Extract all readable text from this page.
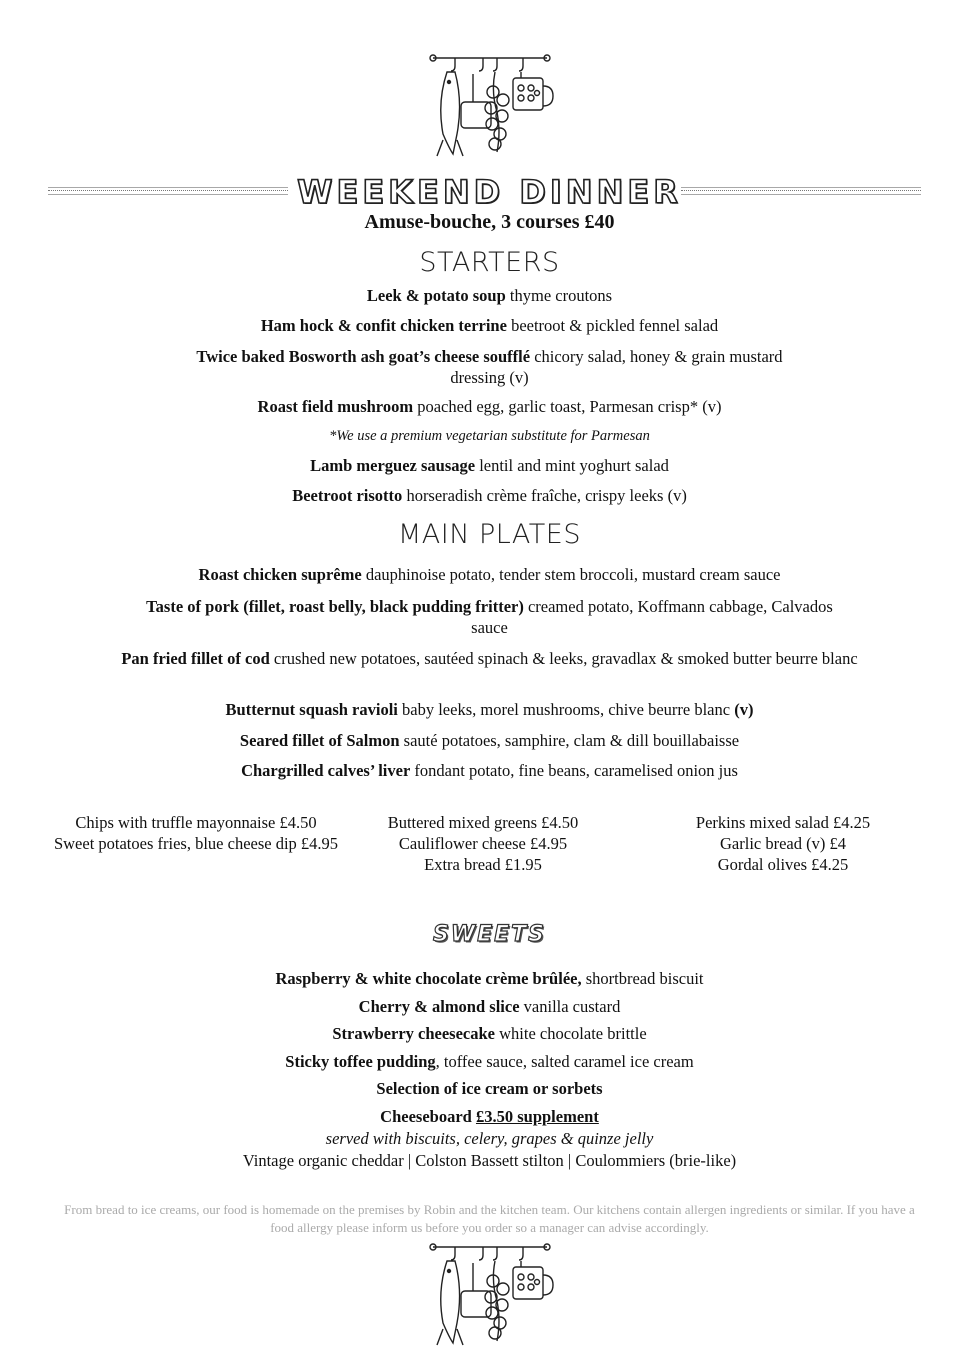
WEEKEND DINNER
Amuse-bouche, 3 courses £40
STARTERS
Leek & potato soup thyme croutons
Ham hock & confit chicken terrine beetroot & pickled fennel salad
Twice baked Bosworth ash goat’s cheese soufflé chicory salad, honey & grain mustard dressing (v)
Roast field mushroom poached egg, garlic toast, Parmesan crisp* (v)
*We use a premium vegetarian substitute for Parmesan
Lamb merguez sausage lentil and mint yoghurt salad
Beetroot risotto horseradish crème fraîche, crispy leeks (v)
MAIN PLATES
Roast chicken suprême dauphinoise potato, tender stem broccoli, mustard cream sauce
Taste of pork (fillet, roast belly, black pudding fritter) creamed potato, Koffmann cabbage, Calvados sauce
Pan fried fillet of cod crushed new potatoes, sautéed spinach & leeks, gravadlax & smoked butter beurre blanc
Butternut squash ravioli baby leeks, morel mushrooms, chive beurre blanc (v)
Seared fillet of Salmon sauté potatoes, samphire, clam & dill bouillabaisse
Chargrilled calves’ liver fondant potato, fine beans, caramelised onion jus
Chips with truffle mayonnaise £4.50
Sweet potatoes fries, blue cheese dip £4.95
Buttered mixed greens £4.50
Cauliflower cheese £4.95
Extra bread £1.95
Perkins mixed salad £4.25
Garlic bread (v) £4
Gordal olives £4.25
SWEETS
Raspberry & white chocolate crème brûlée, shortbread biscuit
Cherry & almond slice vanilla custard
Strawberry cheesecake white chocolate brittle
Sticky toffee pudding, toffee sauce, salted caramel ice cream
Selection of ice cream or sorbets
Cheeseboard £3.50 supplement
served with biscuits, celery, grapes & quinze jelly
Vintage organic cheddar | Colston Bassett stilton | Coulommiers (brie-like)
From bread to ice creams, our food is homemade on the premises by Robin and the kitchen team. Our kitchens contain allergen ingredients or similar. If you have a food allergy please inform us before you order so a manager can advise accordingly.
